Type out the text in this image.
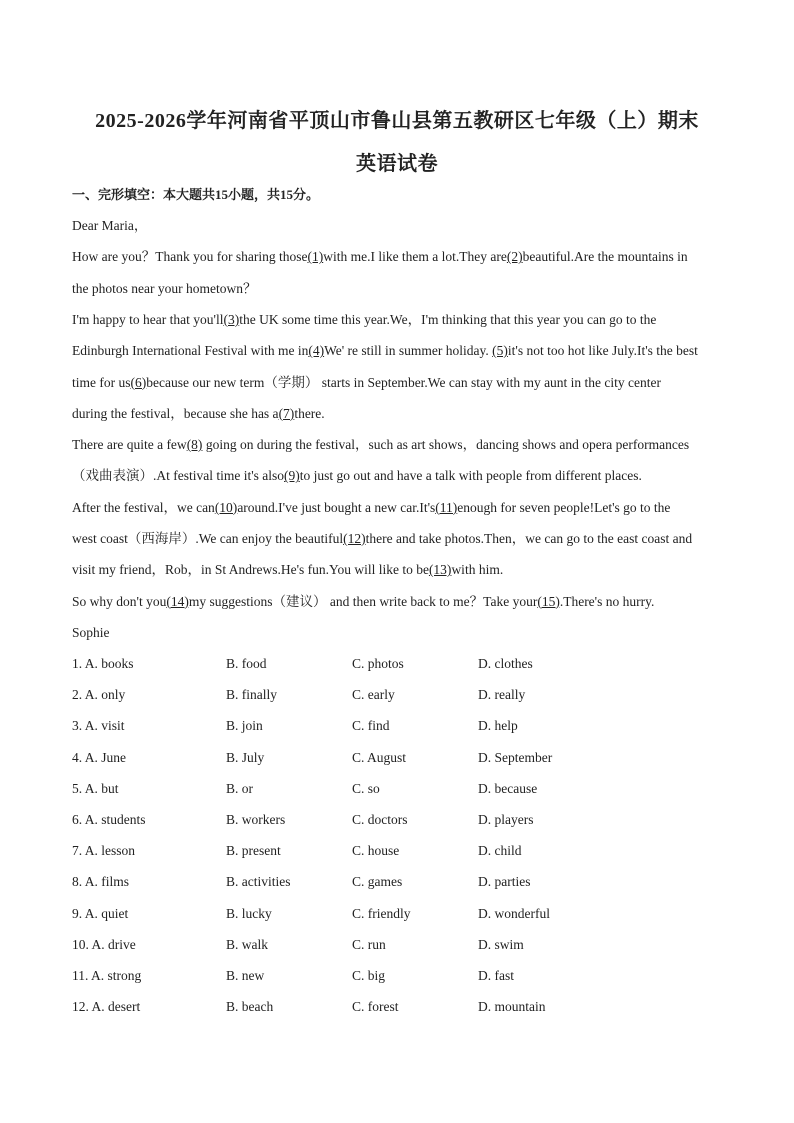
2025-2026学年河南省平顶山市鲁山县第五教研区七年级（上）期末
英语试卷
一、完形填空：本大题共15小题，共15分。
Dear Maria，
How are you？Thank you for sharing those(1)with me.I like them a lot.They are(2)beautiful.Are the mountains in
the photos near your hometown？
I'm happy to hear that you'll(3)the UK some time this year.We，I'm thinking that this year you can go to the
Edinburgh International Festival with me in(4)We' re still in summer holiday. (5)it's not too hot like July.It's the best
time for us(6)because our new term（学期） starts in September.We can stay with my aunt in the city center
during the festival，because she has a(7)there.
There are quite a few(8) going on during the festival，such as art shows，dancing shows and opera performances
（戏曲表演）.At festival time it's also(9)to just go out and have a talk with people from different places.
After the festival，we can(10)around.I've just bought a new car.It's(11)enough for seven people!Let's go to the
west coast（西海岸）.We can enjoy the beautiful(12)there and take photos.Then，we can go to the east coast and
visit my friend，Rob，in St Andrews.He's fun.You will like to be(13)with him.
So why don't you(14)my suggestions（建议） and then write back to me？Take your(15).There's no hurry.
Sophie
1. A. books	B. food	C. photos	D. clothes
2. A. only	B. finally	C. early	D. really
3. A. visit	B. join	C. find	D. help
4. A. June	B. July	C. August	D. September
5. A. but	B. or	C. so	D. because
6. A. students	B. workers	C. doctors	D. players
7. A. lesson	B. present	C. house	D. child
8. A. films	B. activities	C. games	D. parties
9. A. quiet	B. lucky	C. friendly	D. wonderful
10. A. drive	B. walk	C. run	D. swim
11. A. strong	B. new	C. big	D. fast
12. A. desert	B. beach	C. forest	D. mountain
